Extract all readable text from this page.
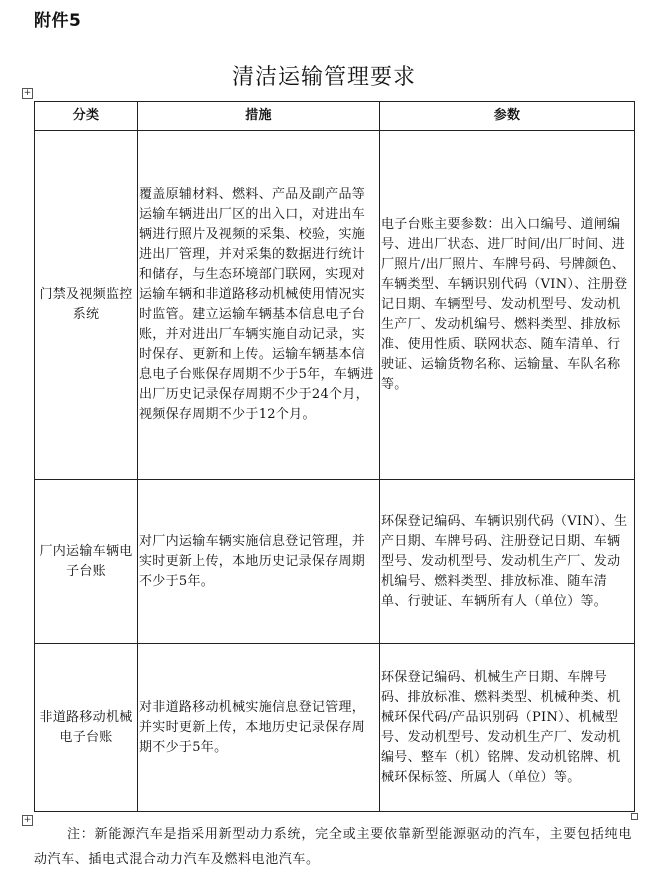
附件5
清洁运输管理要求
+
分类	措施	参数
门禁及视频监控系统	覆盖原辅材料、燃料、产品及副产品等运输车辆进出厂区的出入口，对进出车辆进行照片及视频的采集、校验，实施进出厂管理，并对采集的数据进行统计和储存，与生态环境部门联网，实现对运输车辆和非道路移动机械使用情况实时监管。建立运输车辆基本信息电子台账，并对进出厂车辆实施自动记录，实时保存、更新和上传。运输车辆基本信息电子台账保存周期不少于5年，车辆进出厂历史记录保存周期不少于24个月，视频保存周期不少于12个月。	电子台账主要参数：出入口编号、道闸编号、进出厂状态、进厂时间/出厂时间、进厂照片/出厂照片、车牌号码、号牌颜色、车辆类型、车辆识别代码（VIN）、注册登记日期、车辆型号、发动机型号、发动机生产厂、发动机编号、燃料类型、排放标准、使用性质、联网状态、随车清单、行驶证、运输货物名称、运输量、车队名称等。
厂内运输车辆电子台账	对厂内运输车辆实施信息登记管理，并实时更新上传，本地历史记录保存周期不少于5年。	环保登记编码、车辆识别代码（VIN）、生产日期、车牌号码、注册登记日期、车辆型号、发动机型号、发动机生产厂、发动机编号、燃料类型、排放标准、随车清单、行驶证、车辆所有人（单位）等。
非道路移动机械电子台账	对非道路移动机械实施信息登记管理，并实时更新上传，本地历史记录保存周期不少于5年。	环保登记编码、机械生产日期、车牌号码、排放标准、燃料类型、机械种类、机械环保代码/产品识别码（PIN）、机械型号、发动机型号、发动机生产厂、发动机编号、整车（机）铭牌、发动机铭牌、机械环保标签、所属人（单位）等。
+
注：新能源汽车是指采用新型动力系统，完全或主要依靠新型能源驱动的汽车，主要包括纯电动汽车、插电式混合动力汽车及燃料电池汽车。
